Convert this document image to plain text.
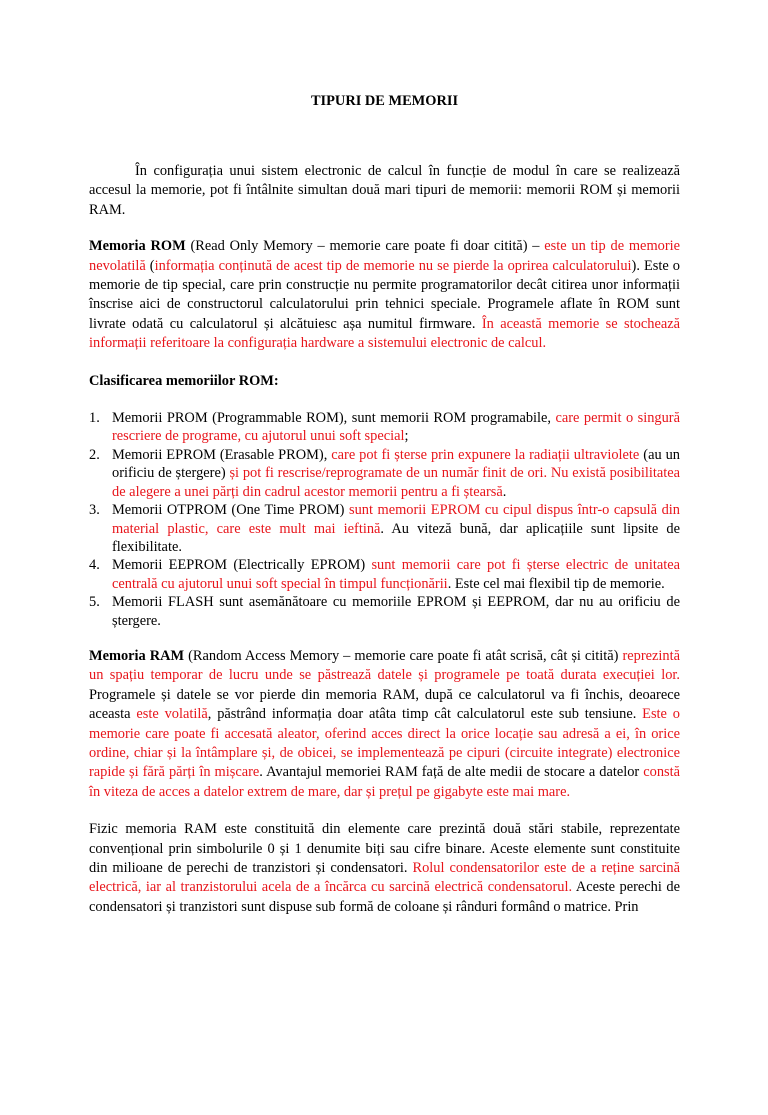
TIPURI DE MEMORII

În configurația unui sistem electronic de calcul în funcție de modul în care se realizează accesul la memorie, pot fi întâlnite simultan două mari tipuri de memorii: memorii ROM și memorii RAM.

Memoria ROM (Read Only Memory – memorie care poate fi doar citită) – este un tip de memorie nevolatilă (informația conținută de acest tip de memorie nu se pierde la oprirea calculatorului). Este o memorie de tip special, care prin construcție nu permite programatorilor decât citirea unor informații înscrise aici de constructorul calculatorului prin tehnici speciale. Programele aflate în ROM sunt livrate odată cu calculatorul și alcătuiesc așa numitul firmware. În această memorie se stochează informații referitoare la configurația hardware a sistemului electronic de calcul.

Clasificarea memoriilor ROM:

1. Memorii PROM (Programmable ROM), sunt memorii ROM programabile, care permit o singură rescriere de programe, cu ajutorul unui soft special;
2. Memorii EPROM (Erasable PROM), care pot fi șterse prin expunere la radiații ultraviolete (au un orificiu de ștergere) și pot fi rescrise/reprogramate de un număr finit de ori. Nu există posibilitatea de alegere a unei părți din cadrul acestor memorii pentru a fi ștearsă.
3. Memorii OTPROM (One Time PROM) sunt memorii EPROM cu cipul dispus într-o capsulă din material plastic, care este mult mai ieftină. Au viteză bună, dar aplicațiile sunt lipsite de flexibilitate.
4. Memorii EEPROM (Electrically EPROM) sunt memorii care pot fi șterse electric de unitatea centrală cu ajutorul unui soft special în timpul funcționării. Este cel mai flexibil tip de memorie.
5. Memorii FLASH sunt asemănătoare cu memoriile EPROM și EEPROM, dar nu au orificiu de ștergere.

Memoria RAM (Random Access Memory – memorie care poate fi atât scrisă, cât și citită) reprezintă un spațiu temporar de lucru unde se păstrează datele și programele pe toată durata execuției lor. Programele și datele se vor pierde din memoria RAM, după ce calculatorul va fi închis, deoarece aceasta este volatilă, păstrând informația doar atâta timp cât calculatorul este sub tensiune. Este o memorie care poate fi accesată aleator, oferind acces direct la orice locație sau adresă a ei, în orice ordine, chiar și la întâmplare și, de obicei, se implementează pe cipuri (circuite integrate) electronice rapide și fără părți în mișcare. Avantajul memoriei RAM față de alte medii de stocare a datelor constă în viteza de acces a datelor extrem de mare, dar și prețul pe gigabyte este mai mare.

Fizic memoria RAM este constituită din elemente care prezintă două stări stabile, reprezentate convențional prin simbolurile 0 și 1 denumite biți sau cifre binare. Aceste elemente sunt constituite din milioane de perechi de tranzistori și condensatori. Rolul condensatorilor este de a reține sarcină electrică, iar al tranzistorului acela de a încărca cu sarcină electrică condensatorul. Aceste perechi de condensatori și tranzistori sunt dispuse sub formă de coloane și rânduri formând o matrice. Prin
